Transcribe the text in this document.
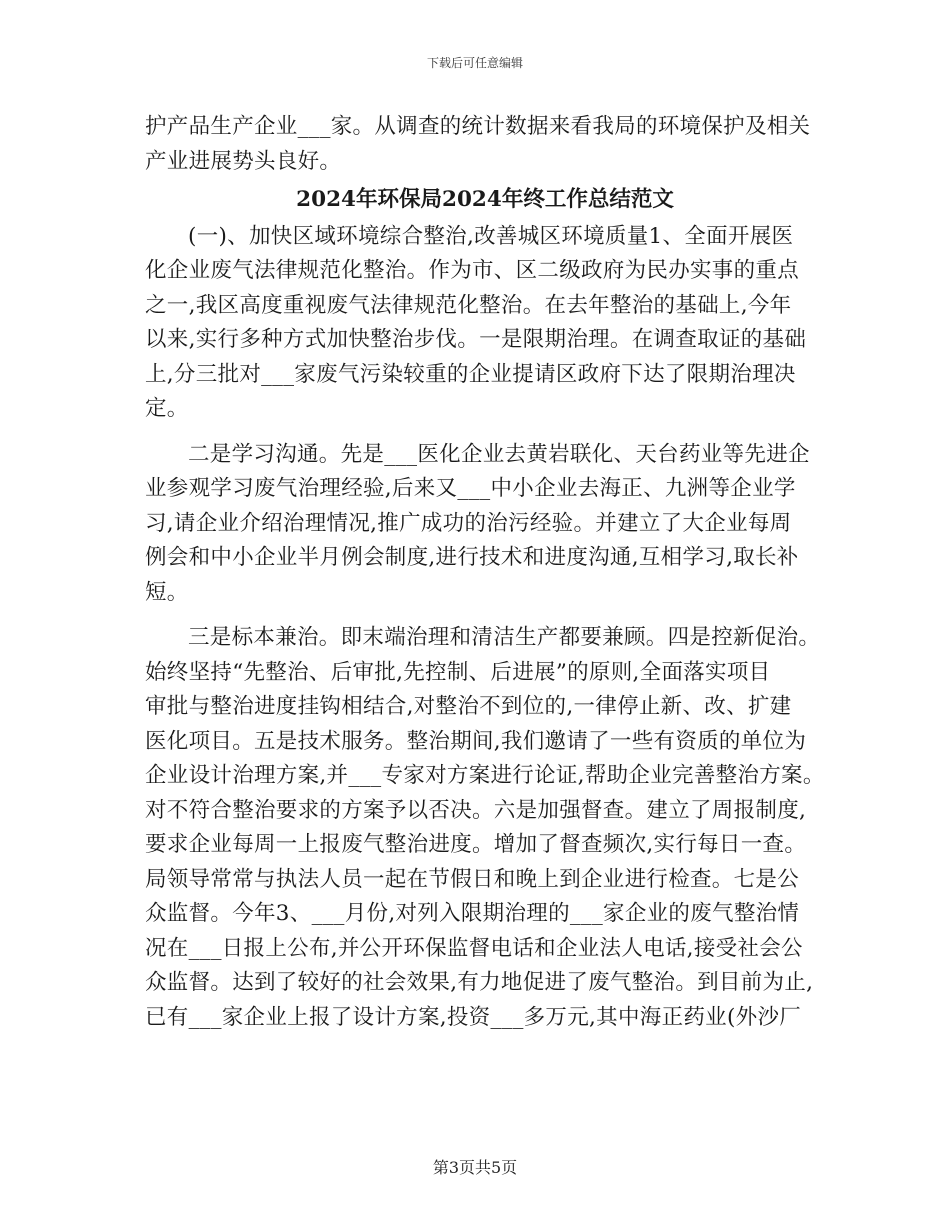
下载后可任意编辑
护产品生产企业___家。从调查的统计数据来看我局的环境保护及相关
产业进展势头良好。
2024年环保局2024年终工作总结范文
(一)、加快区域环境综合整治,改善城区环境质量1、全面开展医
化企业废气法律规范化整治。作为市、区二级政府为民办实事的重点
之一,我区高度重视废气法律规范化整治。在去年整治的基础上,今年
以来,实行多种方式加快整治步伐。一是限期治理。在调查取证的基础
上,分三批对___家废气污染较重的企业提请区政府下达了限期治理决
定。
二是学习沟通。先是___医化企业去黄岩联化、天台药业等先进企
业参观学习废气治理经验,后来又___中小企业去海正、九洲等企业学
习,请企业介绍治理情况,推广成功的治污经验。并建立了大企业每周
例会和中小企业半月例会制度,进行技术和进度沟通,互相学习,取长补
短。
三是标本兼治。即末端治理和清洁生产都要兼顾。四是控新促治。
始终坚持“先整治、后审批,先控制、后进展”的原则,全面落实项目
审批与整治进度挂钩相结合,对整治不到位的,一律停止新、改、扩建
医化项目。五是技术服务。整治期间,我们邀请了一些有资质的单位为
企业设计治理方案,并___专家对方案进行论证,帮助企业完善整治方案。
对不符合整治要求的方案予以否决。六是加强督查。建立了周报制度,
要求企业每周一上报废气整治进度。增加了督查频次,实行每日一查。
局领导常常与执法人员一起在节假日和晚上到企业进行检查。七是公
众监督。今年3、___月份,对列入限期治理的___家企业的废气整治情
况在___日报上公布,并公开环保监督电话和企业法人电话,接受社会公
众监督。达到了较好的社会效果,有力地促进了废气整治。到目前为止,
已有___家企业上报了设计方案,投资___多万元,其中海正药业(外沙厂
第3页共5页
